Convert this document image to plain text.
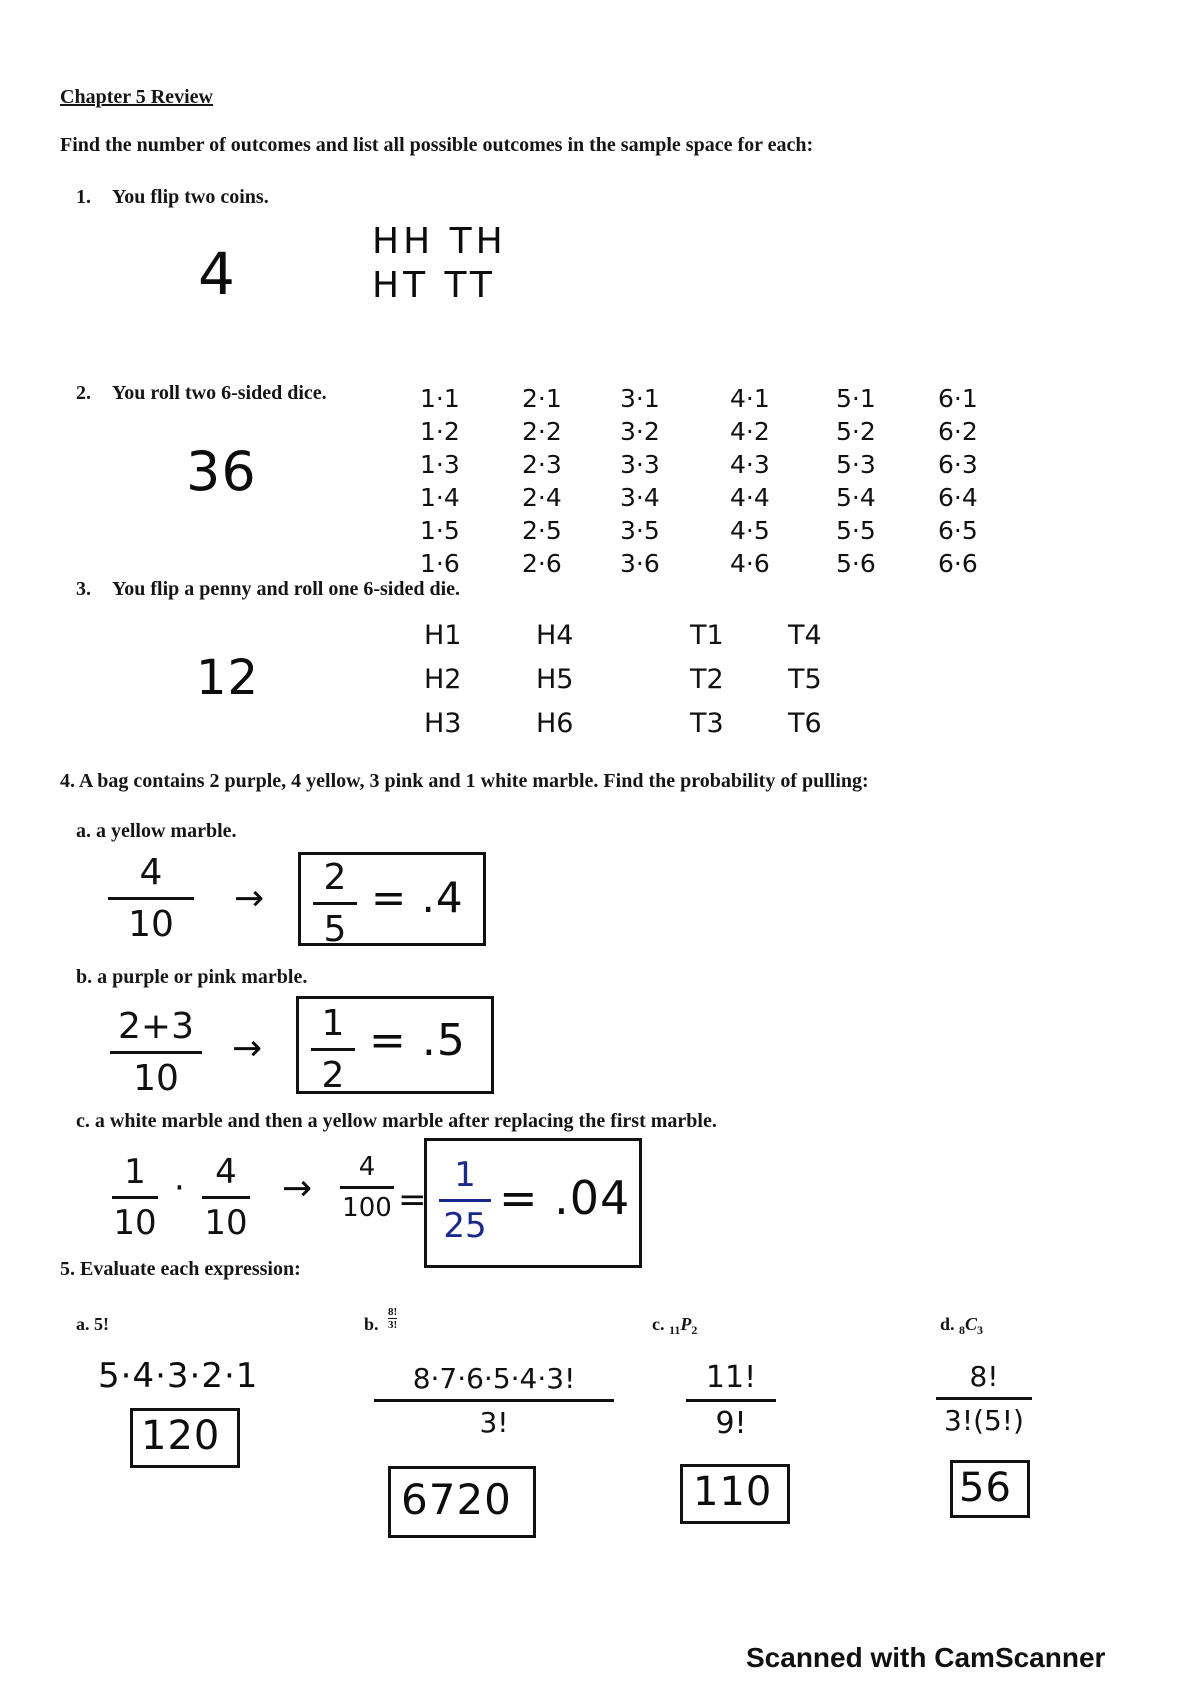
Chapter 5 Review
Find the number of outcomes and list all possible outcomes in the sample space for each:
1. You flip two coins.
4	HH TH
HT TT
2. You roll two 6-sided dice.
36
1·1
1·2
1·3
1·4
1·5
1·6
2·1
2·2
2·3
2·4
2·5
2·6
3·1
3·2
3·3
3·4
3·5
3·6
4·1
4·2
4·3
4·4
4·5
4·6
5·1
5·2
5·3
5·4
5·5
5·6
6·1
6·2
6·3
6·4
6·5
6·6
3. You flip a penny and roll one 6-sided die.
12
H1
H2
H3
H4
H5
H6
T1
T2
T3
T4
T5
T6
4. A bag contains 2 purple, 4 yellow, 3 pink and 1 white marble. Find the probability of pulling:
a. a yellow marble.
4
10
→
2
5
= .4
b. a purple or pink marble.
2+3
10
→
1
2
= .5
c. a white marble and then a yellow marble after replacing the first marble.
1
10
· 4
10
→
4
100 =
1
25
= .04
5. Evaluate each expression:
a. 5!
5·4·3·2·1
120
b.
8!
3!
8·7·6·5·4·3!
3!
6720
c. $_{11}P_2$
11!
9!
110
d. $_8C_3$
8!
3!(5!)
56
Scanned with CamScanner
